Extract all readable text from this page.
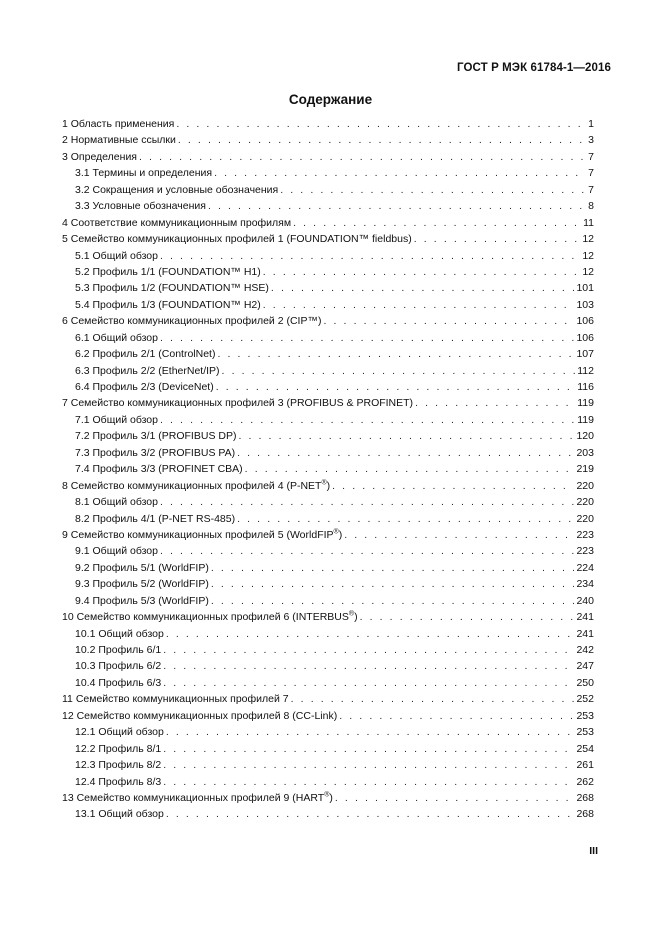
ГОСТ Р МЭК 61784-1—2016
Содержание
1 Область применения . . .	1
2 Нормативные ссылки . . .	3
3 Определения . . .	7
3.1 Термины и определения . . .	7
3.2 Сокращения и условные обозначения . . .	7
3.3 Условные обозначения . . .	8
4 Соответствие коммуникационным профилям . . .	11
5 Семейство коммуникационных профилей 1 (FOUNDATION™ fieldbus) . . .	12
5.1 Общий обзор . . .	12
5.2 Профиль 1/1 (FOUNDATION™ H1) . . .	12
5.3 Профиль 1/2 (FOUNDATION™ HSE) . . .	101
5.4 Профиль 1/3 (FOUNDATION™ H2) . . .	103
6 Семейство коммуникационных профилей 2 (CIP™) . . .	106
6.1 Общий обзор . . .	106
6.2 Профиль 2/1 (ControlNet) . . .	107
6.3 Профиль 2/2 (EtherNet/IP) . . .	112
6.4 Профиль 2/3 (DeviceNet) . . .	116
7 Семейство коммуникационных профилей 3 (PROFIBUS & PROFINET) . . .	119
7.1 Общий обзор . . .	119
7.2 Профиль 3/1 (PROFIBUS DP) . . .	120
7.3 Профиль 3/2 (PROFIBUS PA) . . .	203
7.4 Профиль 3/3 (PROFINET CBA) . . .	219
8 Семейство коммуникационных профилей 4 (P-NET®) . . .	220
8.1 Общий обзор . . .	220
8.2 Профиль 4/1 (P-NET RS-485) . . .	220
9 Семейство коммуникационных профилей 5 (WorldFIP®) . . .	223
9.1 Общий обзор . . .	223
9.2 Профиль 5/1 (WorldFIP) . . .	224
9.3 Профиль 5/2 (WorldFIP) . . .	234
9.4 Профиль 5/3 (WorldFIP) . . .	240
10 Семейство коммуникационных профилей 6 (INTERBUS®) . . .	241
10.1 Общий обзор . . .	241
10.2 Профиль 6/1 . . .	242
10.3 Профиль 6/2 . . .	247
10.4 Профиль 6/3 . . .	250
11 Семейство коммуникационных профилей 7 . . .	252
12 Семейство коммуникационных профилей 8 (CC-Link) . . .	253
12.1 Общий обзор . . .	253
12.2 Профиль 8/1 . . .	254
12.3 Профиль 8/2 . . .	261
12.4 Профиль 8/3 . . .	262
13 Семейство коммуникационных профилей 9 (HART®) . . .	268
13.1 Общий обзор . . .	268
III
